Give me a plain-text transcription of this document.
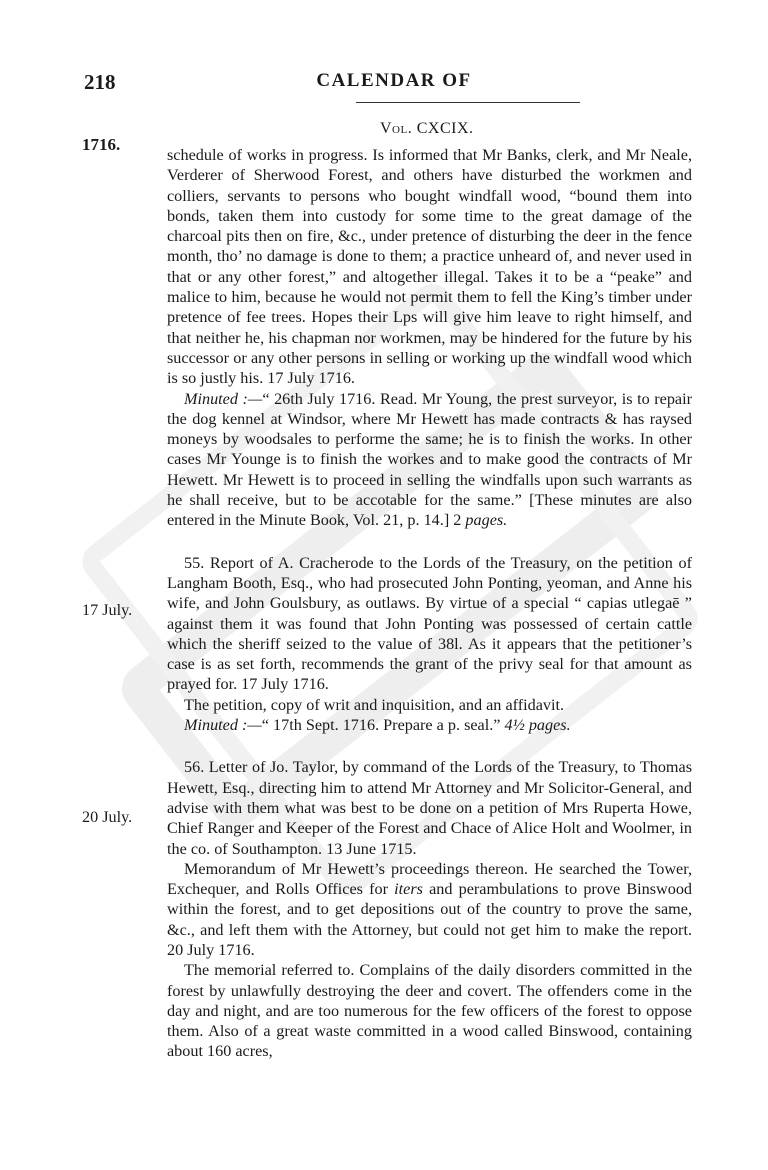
218	CALENDAR OF
1716.
Vol. CXCIX.
17 July.
20 July.

schedule of works in progress. Is informed that Mr Banks, clerk, and Mr Neale, Verderer of Sherwood Forest, and others have disturbed the workmen and colliers, servants to persons who bought windfall wood, “bound them into bonds, taken them into custody for some time to the great damage of the charcoal pits then on fire, &c., under pretence of disturbing the deer in the fence month, tho’ no damage is done to them; a practice unheard of, and never used in that or any other forest,” and altogether illegal. Takes it to be a “peake” and malice to him, because he would not permit them to fell the King’s timber under pretence of fee trees. Hopes their Lps will give him leave to right himself, and that neither he, his chapman nor workmen, may be hindered for the future by his successor or any other persons in selling or working up the windfall wood which is so justly his. 17 July 1716.

Minuted :—“ 26th July 1716. Read. Mr Young, the prest surveyor, is to repair the dog kennel at Windsor, where Mr Hewett has made contracts & has raysed moneys by woodsales to performe the same; he is to finish the works. In other cases Mr Younge is to finish the workes and to make good the contracts of Mr Hewett. Mr Hewett is to proceed in selling the windfalls upon such warrants as he shall receive, but to be accotable for the same.” [These minutes are also entered in the Minute Book, Vol. 21, p. 14.] 2 pages.

55. Report of A. Cracherode to the Lords of the Treasury, on the petition of Langham Booth, Esq., who had prosecuted John Ponting, yeoman, and Anne his wife, and John Goulsbury, as outlaws. By virtue of a special “ capias utlegaē ” against them it was found that John Ponting was possessed of certain cattle which the sheriff seized to the value of 38l. As it appears that the petitioner’s case is as set forth, recommends the grant of the privy seal for that amount as prayed for. 17 July 1716.

The petition, copy of writ and inquisition, and an affidavit.

Minuted :—“ 17th Sept. 1716. Prepare a p. seal.” 4½ pages.

56. Letter of Jo. Taylor, by command of the Lords of the Treasury, to Thomas Hewett, Esq., directing him to attend Mr Attorney and Mr Solicitor-General, and advise with them what was best to be done on a petition of Mrs Ruperta Howe, Chief Ranger and Keeper of the Forest and Chace of Alice Holt and Woolmer, in the co. of Southampton. 13 June 1715.

Memorandum of Mr Hewett’s proceedings thereon. He searched the Tower, Exchequer, and Rolls Offices for iters and perambulations to prove Binswood within the forest, and to get depositions out of the country to prove the same, &c., and left them with the Attorney, but could not get him to make the report. 20 July 1716.

The memorial referred to. Complains of the daily disorders committed in the forest by unlawfully destroying the deer and covert. The offenders come in the day and night, and are too numerous for the few officers of the forest to oppose them. Also of a great waste committed in a wood called Binswood, containing about 160 acres,
